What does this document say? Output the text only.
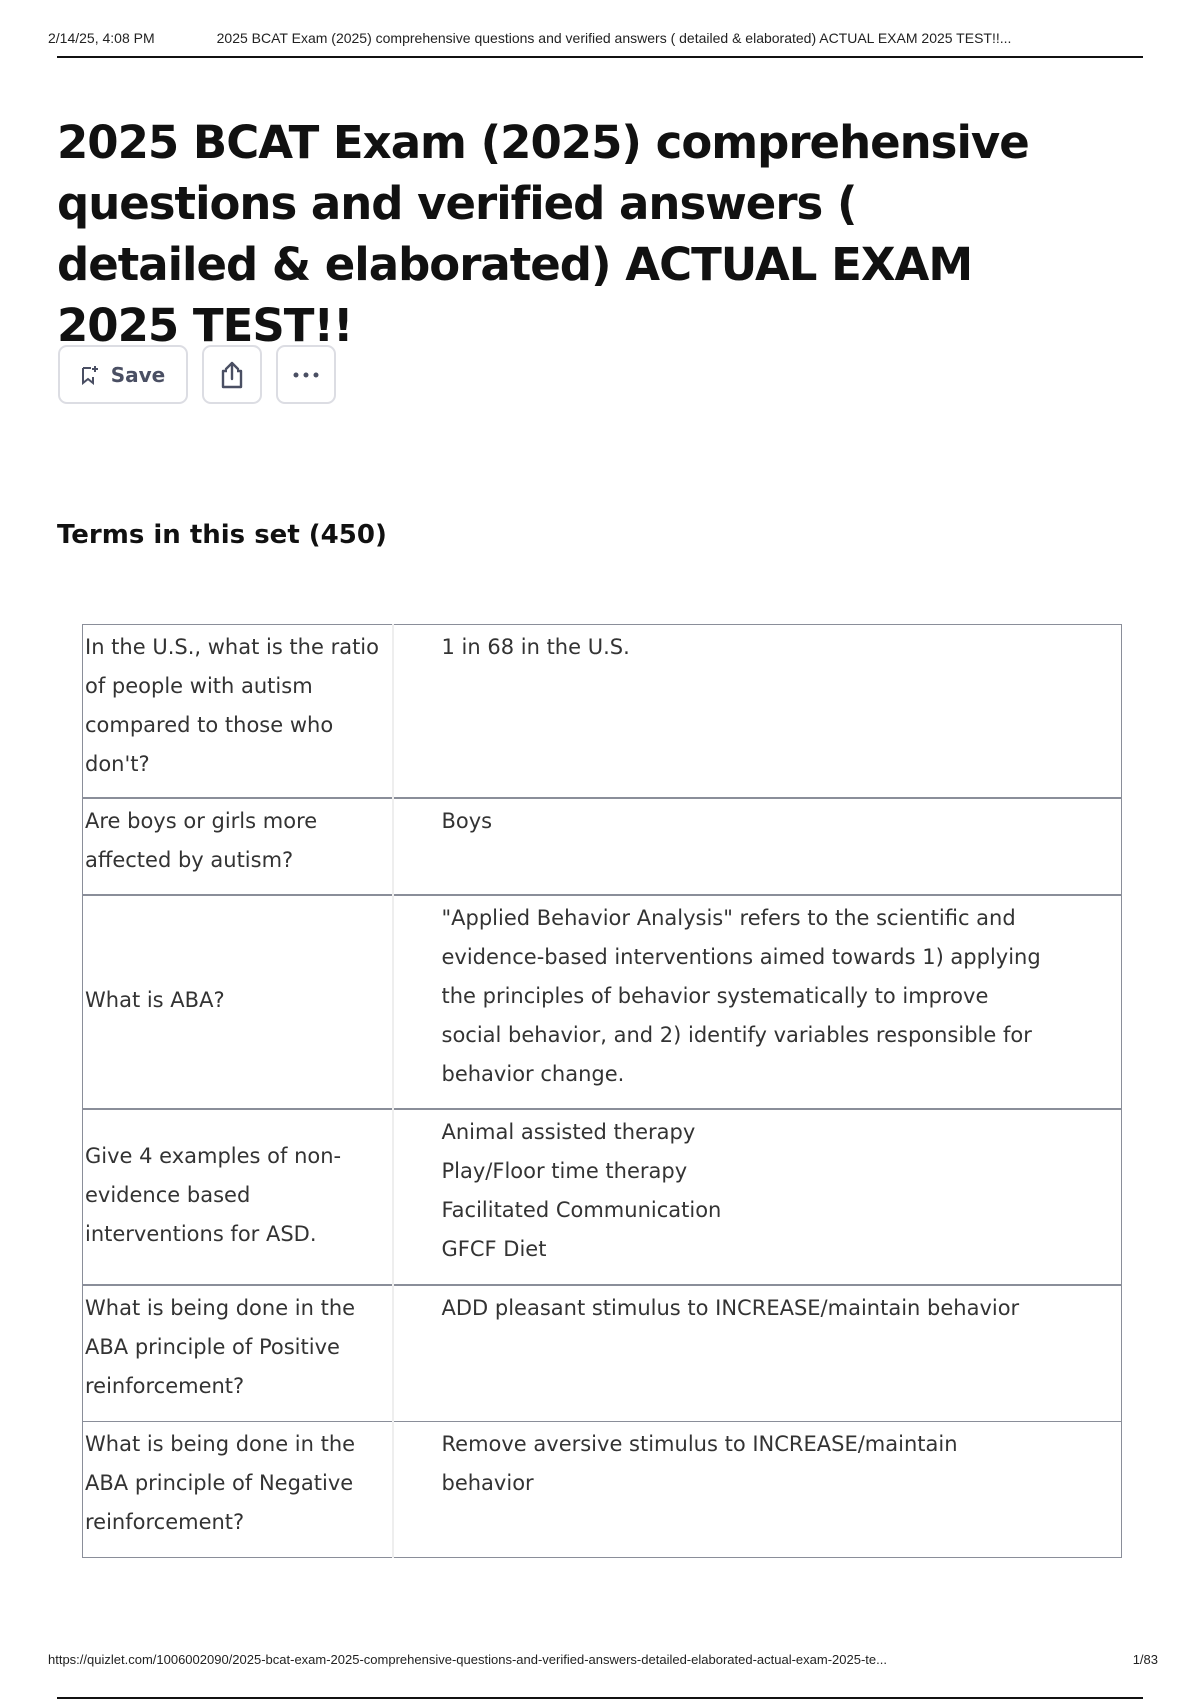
2/14/25, 4:08 PM	2025 BCAT Exam (2025) comprehensive questions and verified answers ( detailed & elaborated) ACTUAL EXAM 2025 TEST!!...
2025 BCAT Exam (2025) comprehensive questions and verified answers ( detailed & elaborated) ACTUAL EXAM 2025 TEST!!
Save
Terms in this set (450)
In the U.S., what is the ratio of people with autism compared to those who don't?	1 in 68 in the U.S.

Are boys or girls more affected by autism?	Boys

What is ABA?	"Applied Behavior Analysis" refers to the scientific and evidence-based interventions aimed towards 1) applying the principles of behavior systematically to improve social behavior, and 2) identify variables responsible for behavior change.

Give 4 examples of non-evidence based interventions for ASD.	Animal assisted therapy
Play/Floor time therapy
Facilitated Communication
GFCF Diet

What is being done in the ABA principle of Positive reinforcement?	ADD pleasant stimulus to INCREASE/maintain behavior

What is being done in the ABA principle of Negative reinforcement?	Remove aversive stimulus to INCREASE/maintain behavior
https://quizlet.com/1006002090/2025-bcat-exam-2025-comprehensive-questions-and-verified-answers-detailed-elaborated-actual-exam-2025-te...	1/83
